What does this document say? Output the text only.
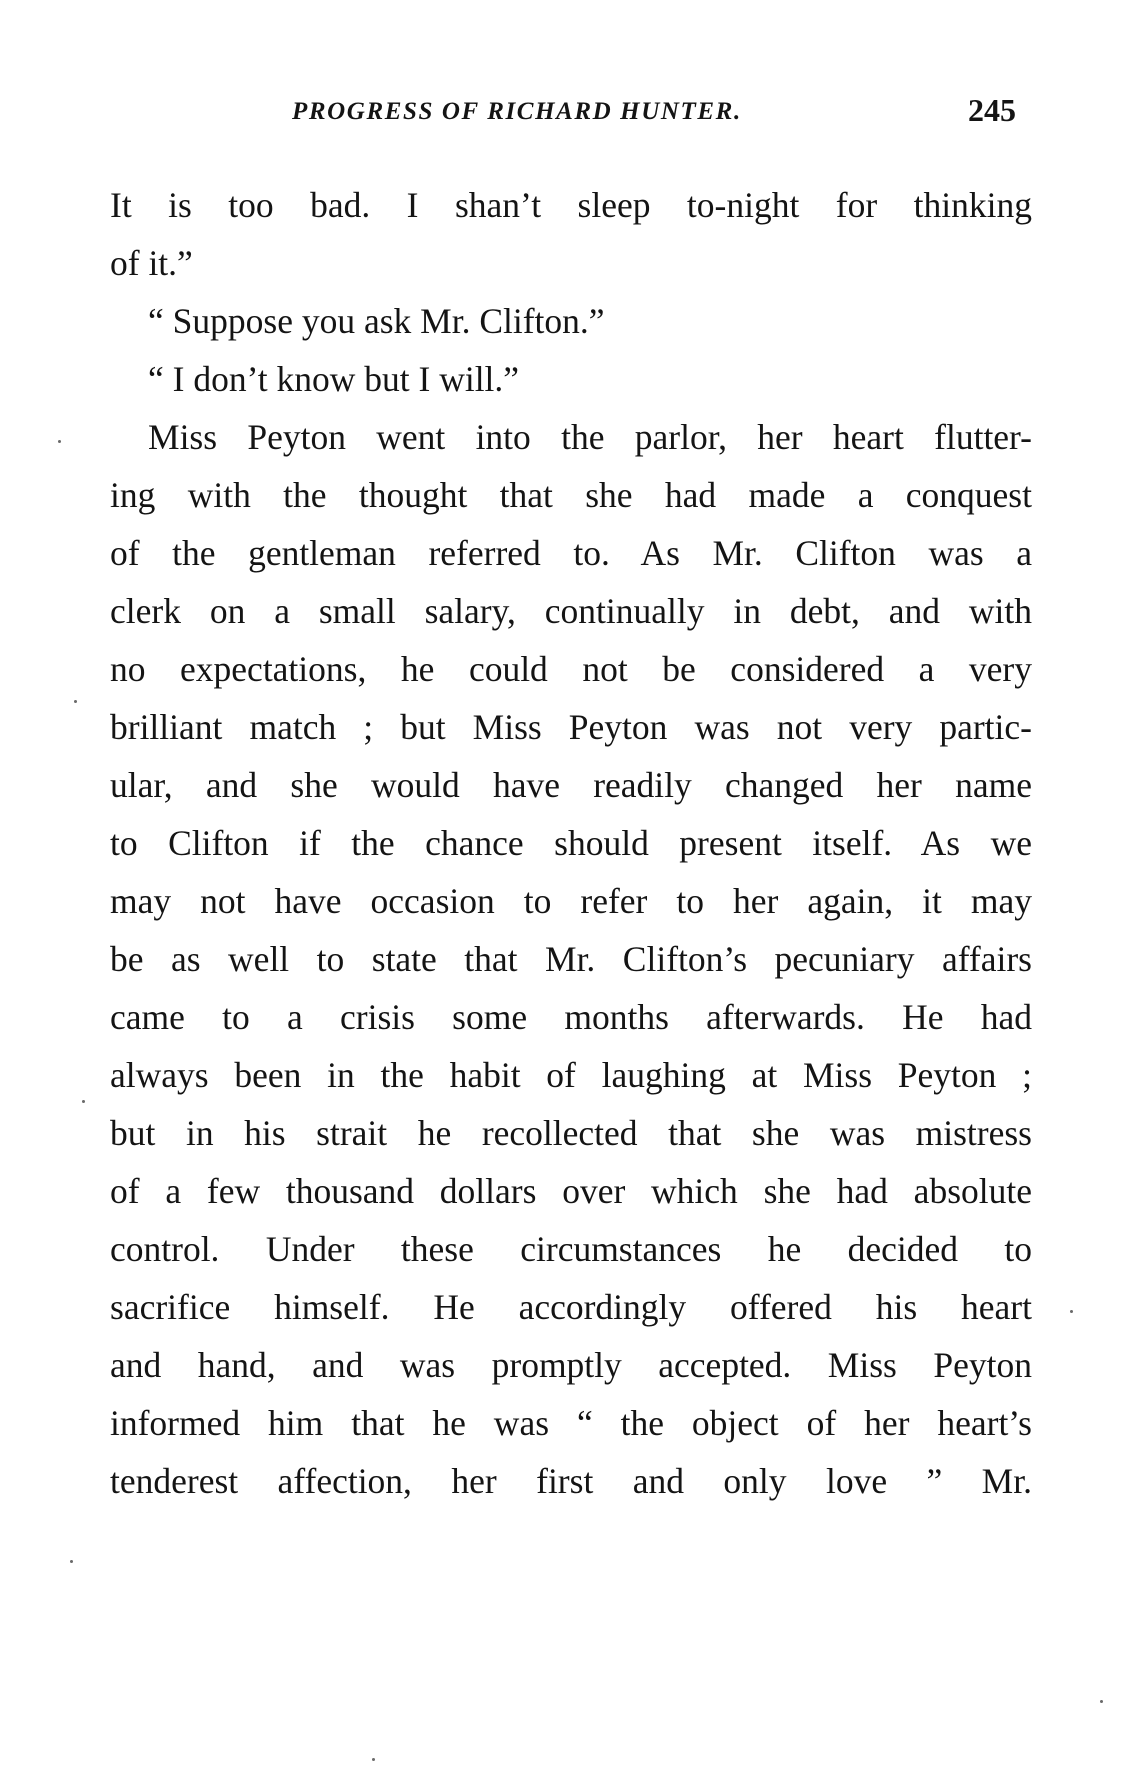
PROGRESS OF RICHARD HUNTER.	245
It is too bad. I shan’t sleep to-night for thinking
of it.”
“ Suppose you ask Mr. Clifton.”
“ I don’t know but I will.”
Miss Peyton went into the parlor, her heart flutter-
ing with the thought that she had made a conquest
of the gentleman referred to. As Mr. Clifton was a
clerk on a small salary, continually in debt, and with
no expectations, he could not be considered a very
brilliant match ; but Miss Peyton was not very partic-
ular, and she would have readily changed her name
to Clifton if the chance should present itself. As we
may not have occasion to refer to her again, it may
be as well to state that Mr. Clifton’s pecuniary affairs
came to a crisis some months afterwards. He had
always been in the habit of laughing at Miss Peyton ;
but in his strait he recollected that she was mistress
of a few thousand dollars over which she had absolute
control. Under these circumstances he decided to
sacrifice himself. He accordingly offered his heart
and hand, and was promptly accepted. Miss Peyton
informed him that he was “ the object of her heart’s
tenderest affection, her first and only love ” Mr.
